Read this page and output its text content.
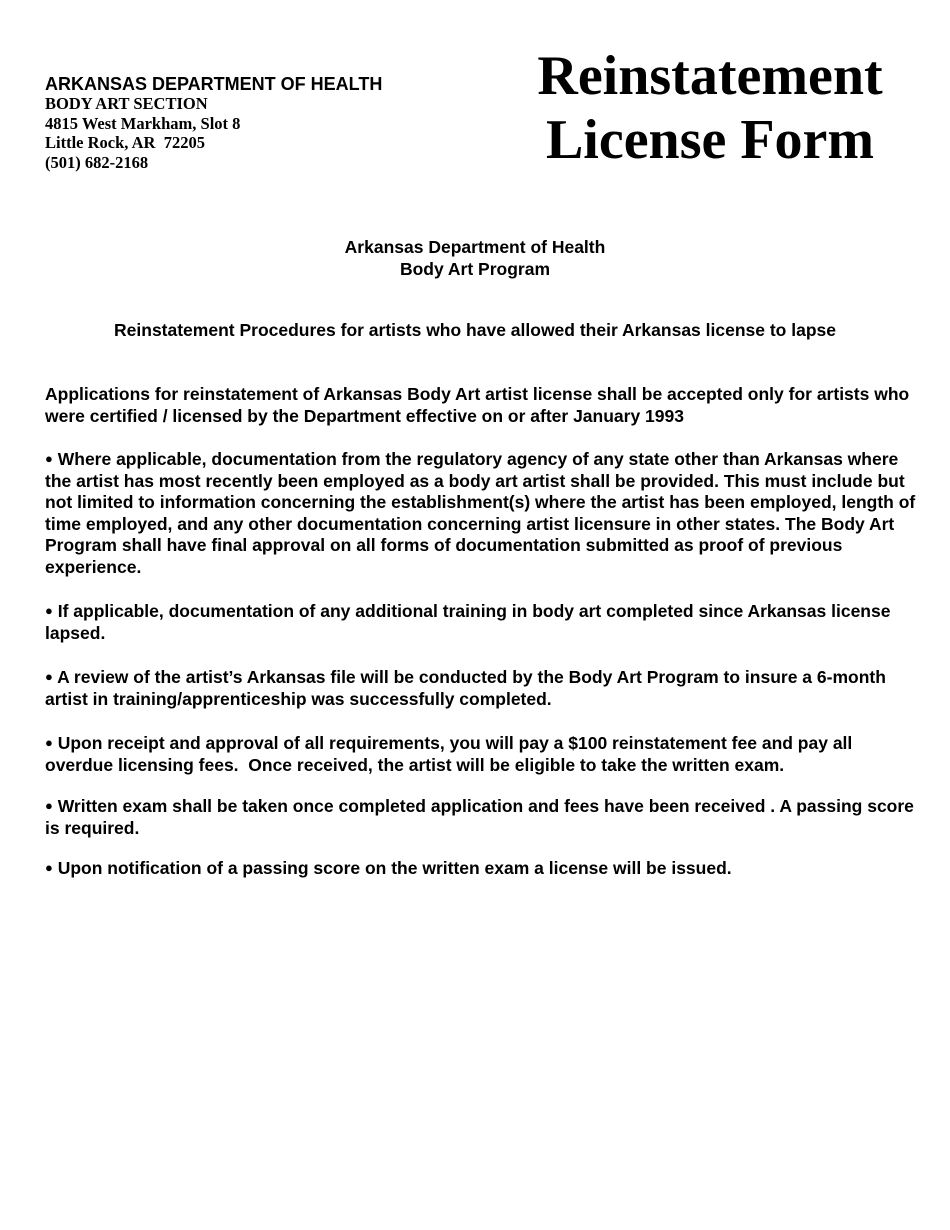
ARKANSAS DEPARTMENT OF HEALTH
BODY ART SECTION
4815 West Markham, Slot 8
Little Rock, AR  72205
(501) 682-2168
Reinstatement
License Form
Arkansas Department of Health
Body Art Program
Reinstatement Procedures for artists who have allowed their Arkansas license to lapse

Applications for reinstatement of Arkansas Body Art artist license shall be accepted only for artists who were certified / licensed by the Department effective on or after January 1993

● Where applicable, documentation from the regulatory agency of any state other than Arkansas where the artist has most recently been employed as a body art artist shall be provided. This must include but not limited to information concerning the establishment(s) where the artist has been employed, length of time employed, and any other documentation concerning artist licensure in other states. The Body Art Program shall have final approval on all forms of documentation submitted as proof of previous experience.

● If applicable, documentation of any additional training in body art completed since Arkansas license lapsed.

● A review of the artist’s Arkansas file will be conducted by the Body Art Program to insure a 6-month artist in training/apprenticeship was successfully completed.

● Upon receipt and approval of all requirements, you will pay a $100 reinstatement fee and pay all overdue licensing fees.  Once received, the artist will be eligible to take the written exam.

● Written exam shall be taken once completed application and fees have been received . A passing score is required.

● Upon notification of a passing score on the written exam a license will be issued.
